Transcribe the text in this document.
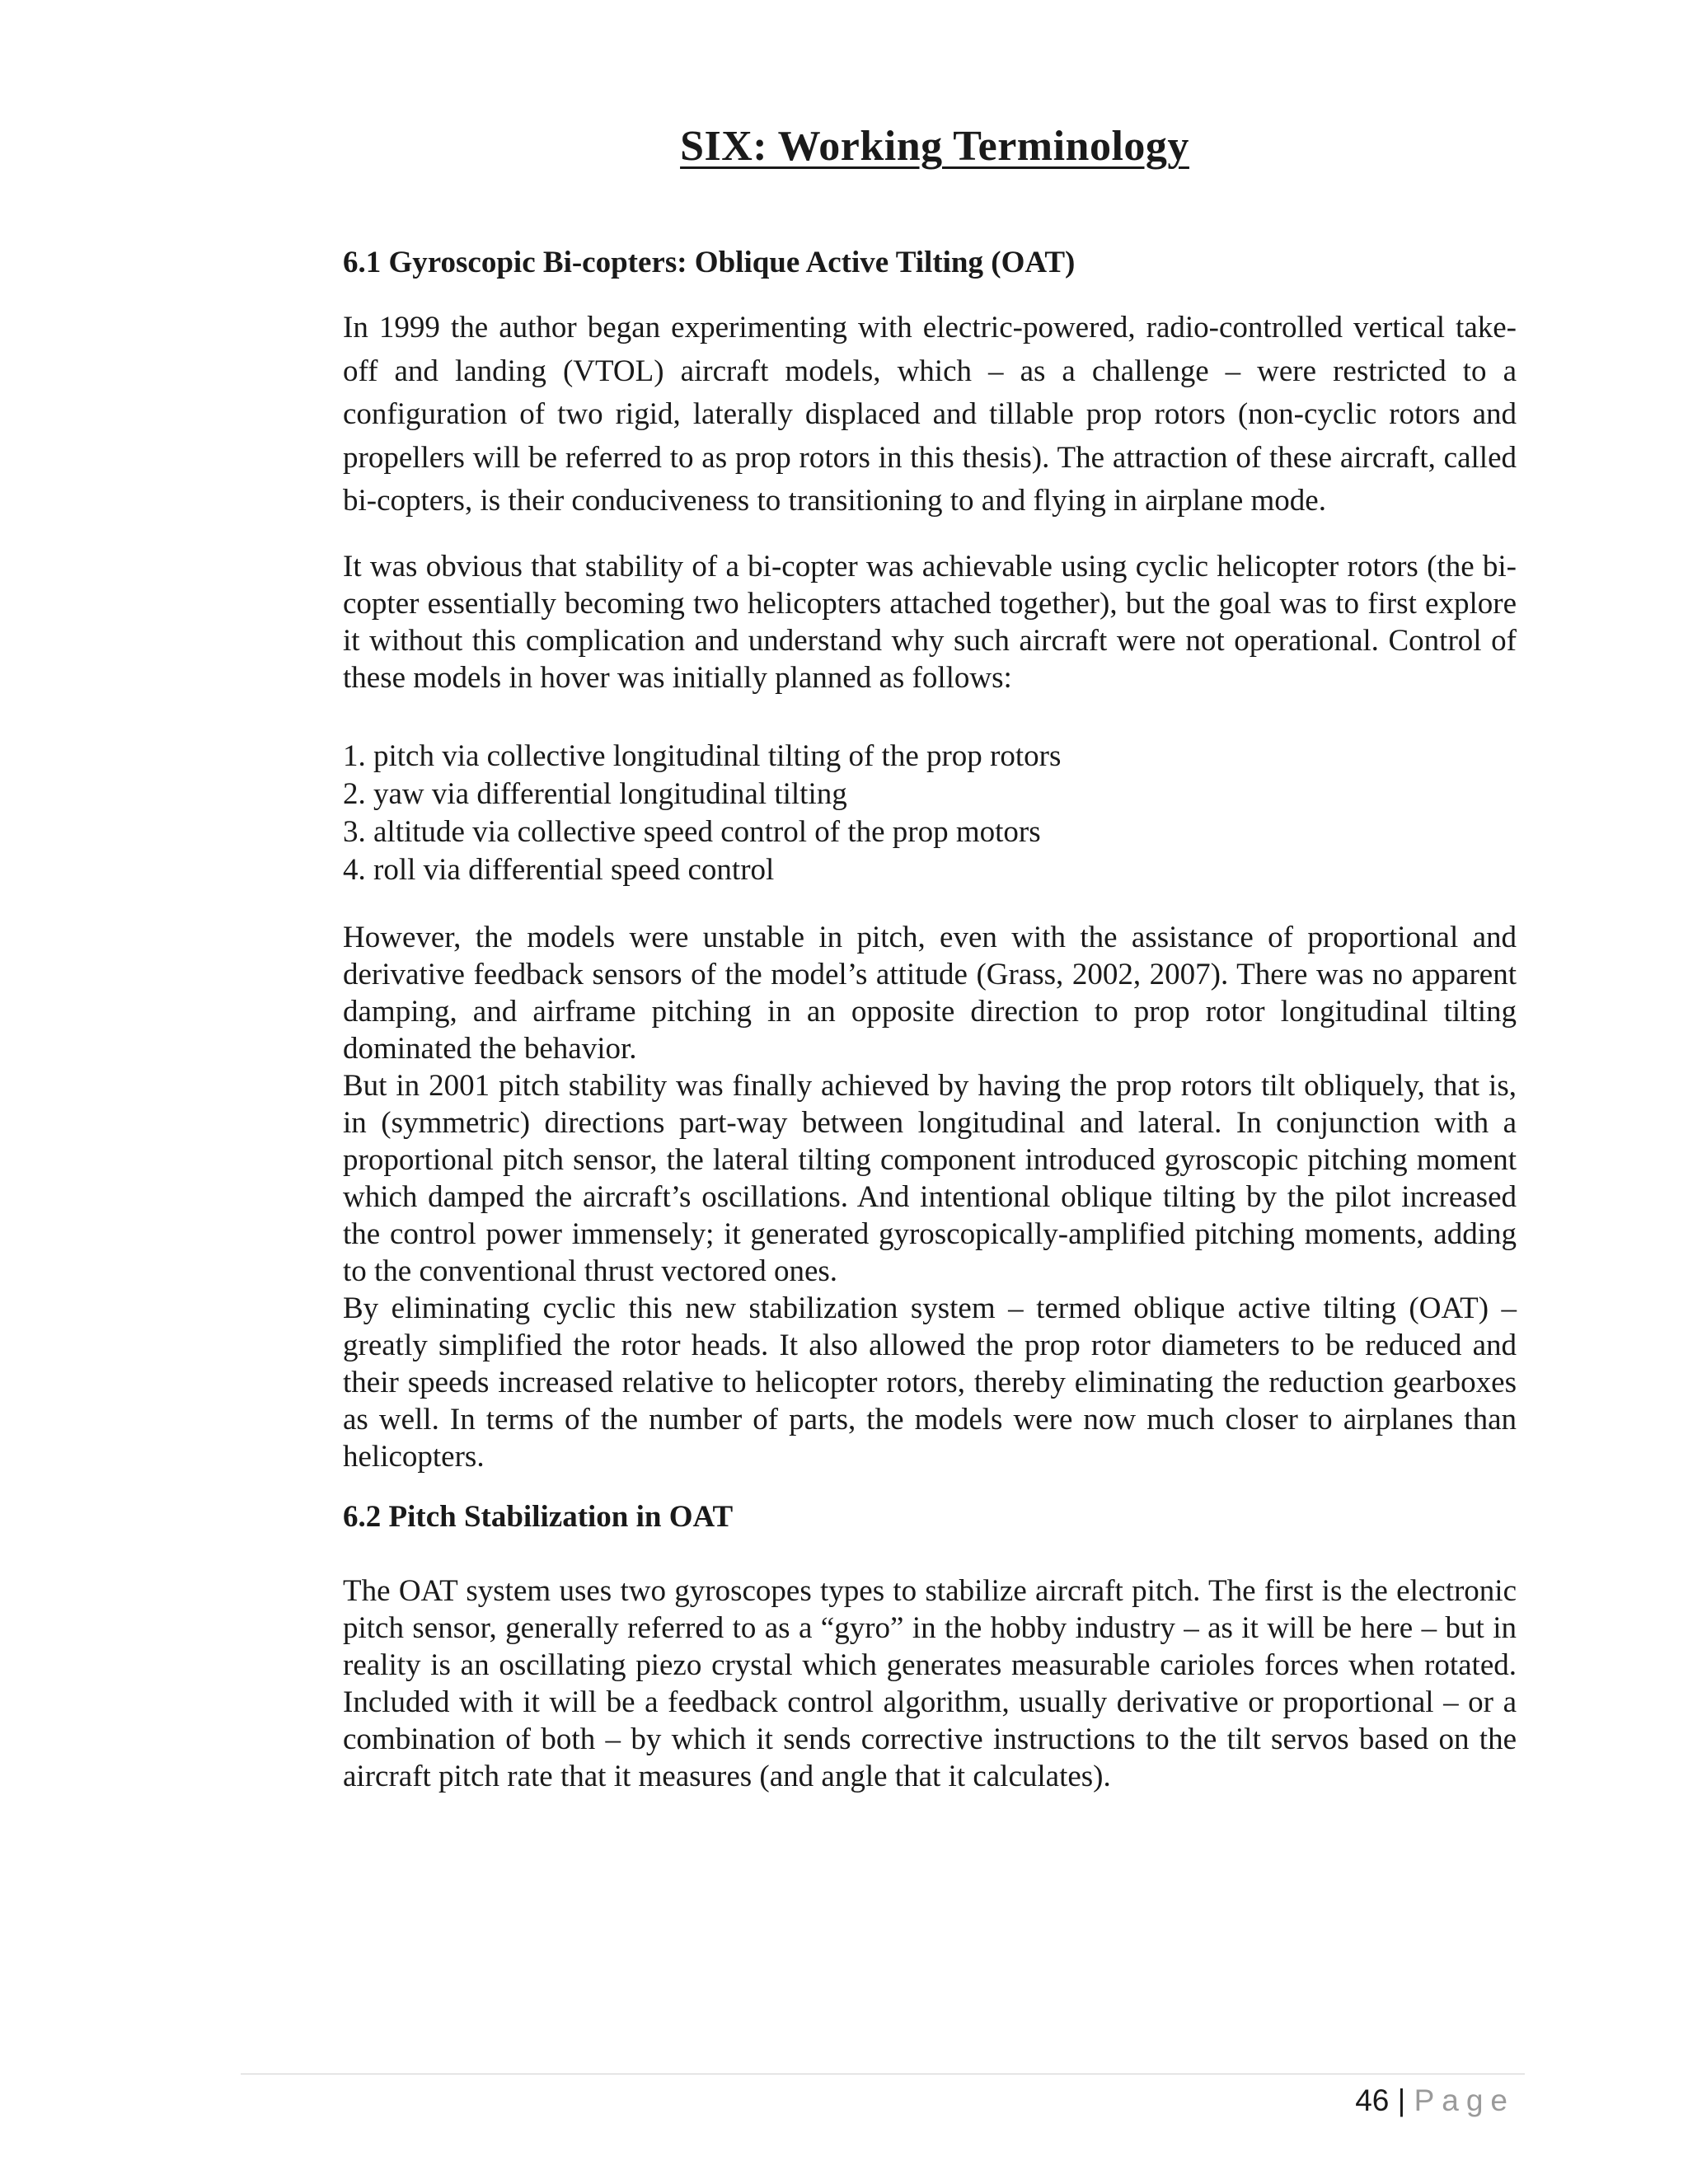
SIX: Working Terminology
6.1 Gyroscopic Bi-copters: Oblique Active Tilting (OAT)

In 1999 the author began experimenting with electric-powered, radio-controlled vertical take-off and landing (VTOL) aircraft models, which – as a challenge – were restricted to a configuration of two rigid, laterally displaced and tillable prop rotors (non-cyclic rotors and propellers will be referred to as prop rotors in this thesis). The attraction of these aircraft, called bi-copters, is their conduciveness to transitioning to and flying in airplane mode.

It was obvious that stability of a bi-copter was achievable using cyclic helicopter rotors (the bi-copter essentially becoming two helicopters attached together), but the goal was to first explore it without this complication and understand why such aircraft were not operational. Control of these models in hover was initially planned as follows:

1. pitch via collective longitudinal tilting of the prop rotors
2. yaw via differential longitudinal tilting
3. altitude via collective speed control of the prop motors
4. roll via differential speed control

However, the models were unstable in pitch, even with the assistance of proportional and derivative feedback sensors of the model’s attitude (Grass, 2002, 2007). There was no apparent damping, and airframe pitching in an opposite direction to prop rotor longitudinal tilting dominated the behavior.

But in 2001 pitch stability was finally achieved by having the prop rotors tilt obliquely, that is, in (symmetric) directions part-way between longitudinal and lateral. In conjunction with a proportional pitch sensor, the lateral tilting component introduced gyroscopic pitching moment which damped the aircraft’s oscillations. And intentional oblique tilting by the pilot increased the control power immensely; it generated gyroscopically-amplified pitching moments, adding to the conventional thrust vectored ones.

By eliminating cyclic this new stabilization system – termed oblique active tilting (OAT) – greatly simplified the rotor heads. It also allowed the prop rotor diameters to be reduced and their speeds increased relative to helicopter rotors, thereby eliminating the reduction gearboxes as well. In terms of the number of parts, the models were now much closer to airplanes than helicopters.

6.2 Pitch Stabilization in OAT

The OAT system uses two gyroscopes types to stabilize aircraft pitch. The first is the electronic pitch sensor, generally referred to as a “gyro” in the hobby industry – as it will be here – but in reality is an oscillating piezo crystal which generates measurable carioles forces when rotated. Included with it will be a feedback control algorithm, usually derivative or proportional – or a combination of both – by which it sends corrective instructions to the tilt servos based on the aircraft pitch rate that it measures (and angle that it calculates).

46 | Page
